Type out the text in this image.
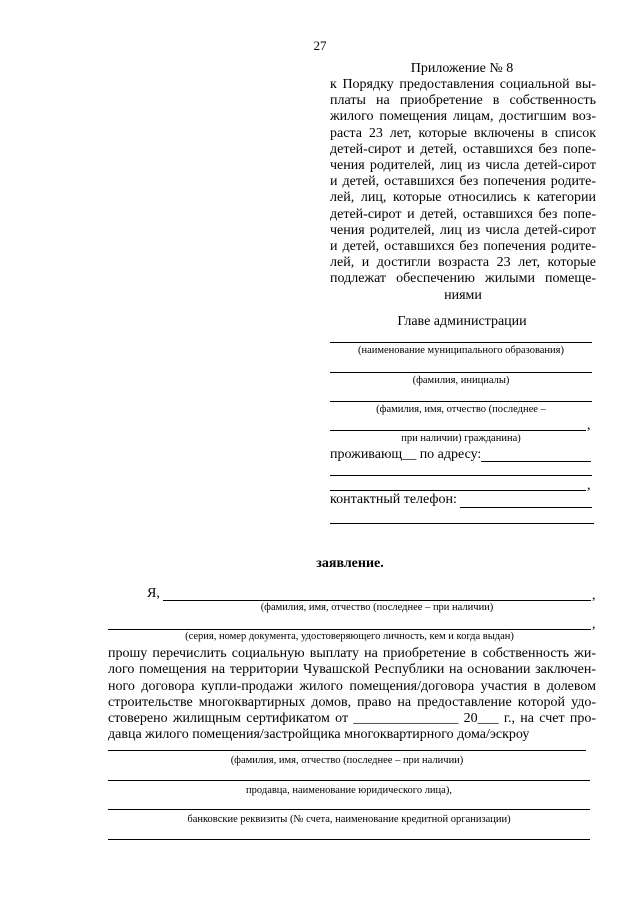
27
Приложение № 8
к Порядку предоставления социальной выплаты на приобретение в собственность жилого помещения лицам, достигшим возраста 23 лет, которые включены в список детей-сирот и детей, оставшихся без попечения родителей, лиц из числа детей-сирот и детей, оставшихся без попечения родителей, лиц, которые относились к категории детей-сирот и детей, оставшихся без попечения родителей, лиц из числа детей-сирот и детей, оставшихся без попечения родителей, и достигли возраста 23 лет, которые подлежат обеспечению жилыми помещениями
Главе администрации
(наименование муниципального образования)
(фамилия, инициалы)
(фамилия, имя, отчество (последнее –
,
при наличии) гражданина)
проживающ__ по адресу:
,
контактный телефон:
заявление.
Я,	,
(фамилия, имя, отчество (последнее – при наличии)
,
(серия, номер документа, удостоверяющего личность, кем и когда выдан)
прошу перечислить социальную выплату на приобретение в собственность жилого помещения на территории Чувашской Республики на основании заключенного договора купли-продажи жилого помещения/договора участия в долевом строительстве многоквартирных домов, право на предоставление которой удостоверено жилищным сертификатом от _______________ 20___ г., на счет продавца жилого помещения/застройщика многоквартирного дома/эскроу
(фамилия, имя, отчество (последнее – при наличии)
продавца, наименование юридического лица),
банковские реквизиты (№ счета, наименование кредитной организации)
